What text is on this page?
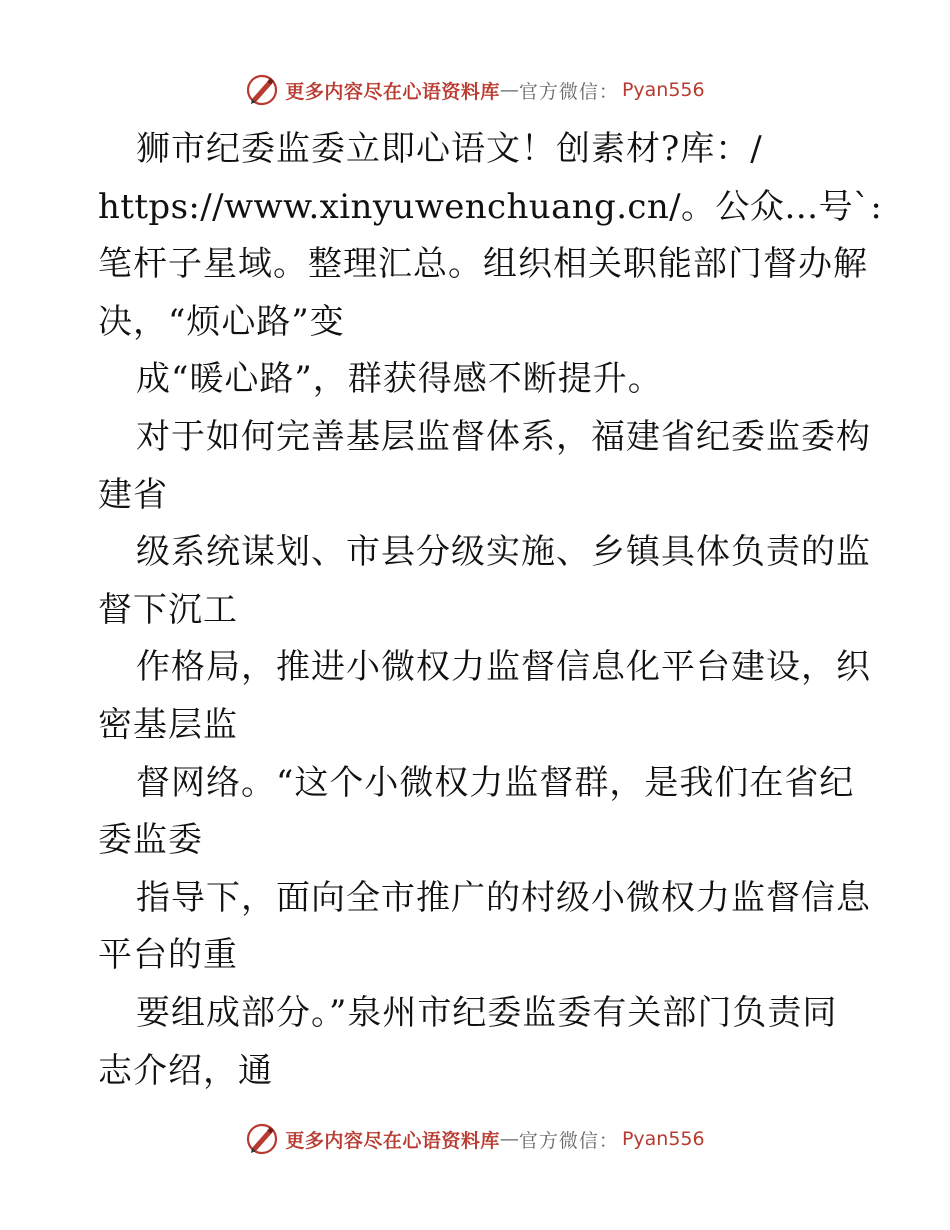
更多内容尽在心语资料库 — 官方微信 ： Pyan556
狮市纪委监委立即心语文！创素材?库：/
https://www.xinyuwenchuang.cn/。公众…号`:
笔杆子星域。整理汇总。组织相关职能部门督办解
决，“烦心路”变
成“暖心路”，群获得感不断提升。
对于如何完善基层监督体系，福建省纪委监委构
建省
级系统谋划、市县分级实施、乡镇具体负责的监
督下沉工
作格局，推进小微权力监督信息化平台建设，织
密基层监
督网络。“这个小微权力监督群，是我们在省纪
委监委
指导下，面向全市推广的村级小微权力监督信息
平台的重
要组成部分。”泉州市纪委监委有关部门负责同
志介绍，通
更多内容尽在心语资料库 — 官方微信 ： Pyan556
